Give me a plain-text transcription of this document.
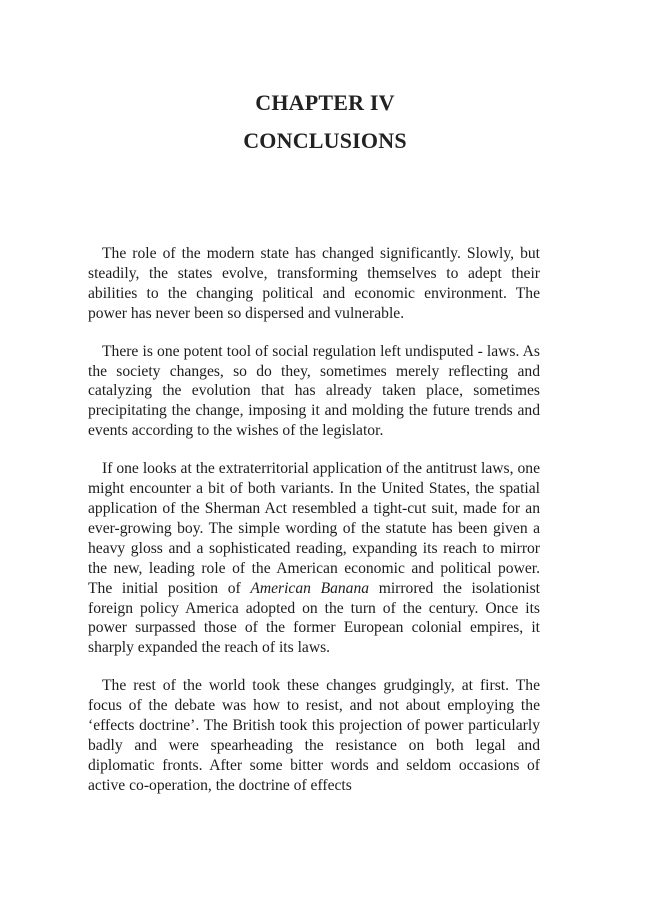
CHAPTER IV
CONCLUSIONS

The role of the modern state has changed significantly. Slowly, but steadily, the states evolve, transforming themselves to adept their abilities to the changing political and economic environment. The power has never been so dispersed and vulnerable.

There is one potent tool of social regulation left undisputed - laws. As the society changes, so do they, sometimes merely reflecting and catalyzing the evolution that has already taken place, sometimes precipitating the change, imposing it and molding the future trends and events according to the wishes of the legislator.

If one looks at the extraterritorial application of the antitrust laws, one might encounter a bit of both variants. In the United States, the spatial application of the Sherman Act resembled a tight-cut suit, made for an ever-growing boy. The simple wording of the statute has been given a heavy gloss and a sophisticated reading, expanding its reach to mirror the new, leading role of the American economic and political power. The initial position of American Banana mirrored the isolationist foreign policy America adopted on the turn of the century. Once its power surpassed those of the former European colonial empires, it sharply expanded the reach of its laws.

The rest of the world took these changes grudgingly, at first. The focus of the debate was how to resist, and not about employing the ‘effects doctrine’. The British took this projection of power particularly badly and were spearheading the resistance on both legal and diplomatic fronts. After some bitter words and seldom occasions of active co-operation, the doctrine of effects
